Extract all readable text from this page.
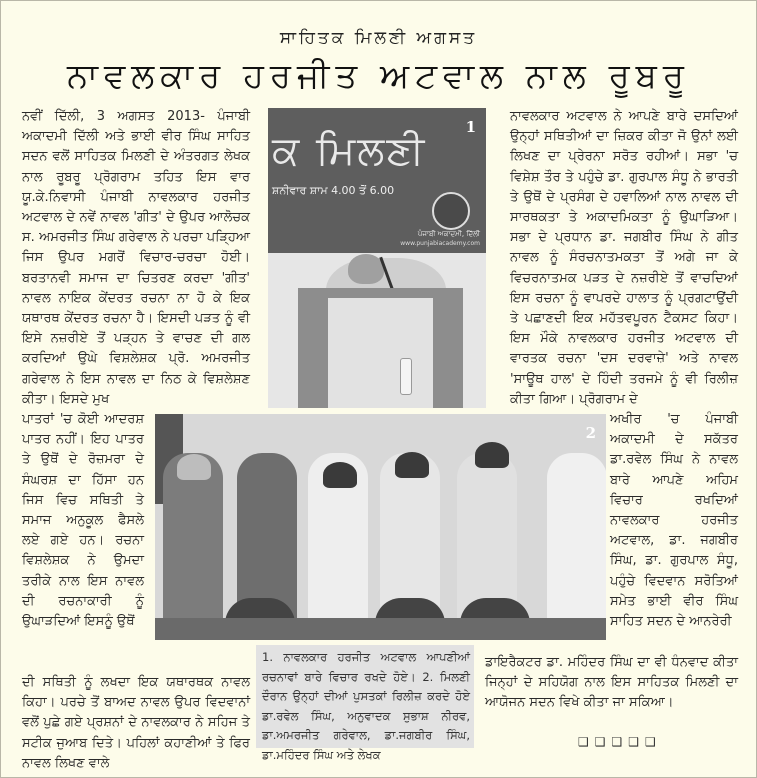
ਸਾਹਿਤਕ ਮਿਲਣੀ ਅਗਸਤ
ਨਾਵਲਕਾਰ ਹਰਜੀਤ ਅਟਵਾਲ ਨਾਲ ਰੂਬਰੂ

ਨਵੀਂ ਦਿੱਲੀ, 3 ਅਗਸਤ 2013- ਪੰਜਾਬੀ ਅਕਾਦਮੀ ਦਿੱਲੀ ਅਤੇ ਭਾਈ ਵੀਰ ਸਿੰਘ ਸਾਹਿਤ ਸਦਨ ਵਲੋਂ ਸਾਹਿਤਕ ਮਿਲਣੀ ਦੇ ਅੰਤਰਗਤ ਲੇਖਕ ਨਾਲ ਰੂਬਰੂ ਪ੍ਰੋਗਰਾਮ ਤਹਿਤ ਇਸ ਵਾਰ ਯੂ.ਕੇ.ਨਿਵਾਸੀ ਪੰਜਾਬੀ ਨਾਵਲਕਾਰ ਹਰਜੀਤ ਅਟਵਾਲ ਦੇ ਨਵੇਂ ਨਾਵਲ 'ਗੀਤ' ਦੇ ਉਪਰ ਆਲੋਚਕ ਸ. ਅਮਰਜੀਤ ਸਿੰਘ ਗਰੇਵਾਲ ਨੇ ਪਰਚਾ ਪੜ੍ਹਿਆ ਜਿਸ ਉਪਰ ਮਗਰੋਂ ਵਿਚਾਰ-ਚਰਚਾ ਹੋਈ। ਬਰਤਾਨਵੀ ਸਮਾਜ ਦਾ ਚਿਤਰਣ ਕਰਦਾ 'ਗੀਤ' ਨਾਵਲ ਨਾਇਕ ਕੇਂਦਰਤ ਰਚਨਾ ਨਾ ਹੋ ਕੇ ਇਕ ਯਥਾਰਥ ਕੇਂਦਰਤ ਰਚਨਾ ਹੈ। ਇਸਦੀ ਪੜਤ ਨੂੰ ਵੀ ਇਸੇ ਨਜ਼ਰੀਏ ਤੋਂ ਪੜ੍ਹਨ ਤੇ ਵਾਚਣ ਦੀ ਗਲ ਕਰਦਿਆਂ ਉਘੇ ਵਿਸ਼ਲੇਸ਼ਕ ਪ੍ਰੋ. ਅਮਰਜੀਤ ਗਰੇਵਾਲ ਨੇ ਇਸ ਨਾਵਲ ਦਾ ਨਿਠ ਕੇ ਵਿਸ਼ਲੇਸ਼ਣ ਕੀਤਾ। ਇਸਦੇ ਮੁਖ

ਪਾਤਰਾਂ 'ਚ ਕੋਈ ਆਦਰਸ਼ ਪਾਤਰ ਨਹੀਂ। ਇਹ ਪਾਤਰ ਤੇ ਉਥੋਂ ਦੇ ਰੋਜ਼ਮਰਾ ਦੇ ਸੰਘਰਸ਼ ਦਾ ਹਿੱਸਾ ਹਨ ਜਿਸ ਵਿਚ ਸਥਿਤੀ ਤੇ ਸਮਾਜ ਅਨੁਕੂਲ ਫੈਸਲੇ ਲਏ ਗਏ ਹਨ। ਰਚਨਾ ਵਿਸ਼ਲੇਸ਼ਕ ਨੇ ਉਮਦਾ ਤਰੀਕੇ ਨਾਲ ਇਸ ਨਾਵਲ ਦੀ ਰਚਨਾਕਾਰੀ ਨੂੰ ਉਘਾੜਦਿਆਂ ਇਸਨੂੰ ਉਥੋਂ

ਦੀ ਸਥਿਤੀ ਨੂੰ ਲਖਦਾ ਇਕ ਯਥਾਰਥਕ ਨਾਵਲ ਕਿਹਾ। ਪਰਚੇ ਤੋਂ ਬਾਅਦ ਨਾਵਲ ਉਪਰ ਵਿਦਵਾਨਾਂ ਵਲੋਂ ਪੁਛੇ ਗਏ ਪ੍ਰਸ਼ਨਾਂ ਦੇ ਨਾਵਲਕਾਰ ਨੇ ਸਹਿਜ ਤੇ ਸਟੀਕ ਜੁਆਬ ਦਿਤੇ। ਪਹਿਲਾਂ ਕਹਾਣੀਆਂ ਤੇ ਫਿਰ ਨਾਵਲ ਲਿਖਣ ਵਾਲੇ

ਨਾਵਲਕਾਰ ਅਟਵਾਲ ਨੇ ਆਪਣੇ ਬਾਰੇ ਦਸਦਿਆਂ ਉਨ੍ਹਾਂ ਸਥਿਤੀਆਂ ਦਾ ਜ਼ਿਕਰ ਕੀਤਾ ਜੋ ਉਨਾਂ ਲਈ ਲਿਖਣ ਦਾ ਪ੍ਰੇਰਨਾ ਸਰੋਤ ਰਹੀਆਂ। ਸਭਾ 'ਚ ਵਿਸ਼ੇਸ਼ ਤੌਰ ਤੇ ਪਹੁੰਚੇ ਡਾ. ਗੁਰਪਾਲ ਸੰਧੂ ਨੇ ਭਾਰਤੀ ਤੇ ਉਥੋਂ ਦੇ ਪ੍ਰਸੰਗ ਦੇ ਹਵਾਲਿਆਂ ਨਾਲ ਨਾਵਲ ਦੀ ਸਾਰਥਕਤਾ ਤੇ ਅਕਾਦਮਿਕਤਾ ਨੂੰ ਉਘਾੜਿਆ। ਸਭਾ ਦੇ ਪ੍ਰਧਾਨ ਡਾ. ਜਗਬੀਰ ਸਿੰਘ ਨੇ ਗੀਤ ਨਾਵਲ ਨੂੰ ਸੰਰਚਨਾਤਮਕਤਾ ਤੋਂ ਅਗੇ ਜਾ ਕੇ ਵਿਚਰਨਾਤਮਕ ਪੜਤ ਦੇ ਨਜ਼ਰੀਏ ਤੋਂ ਵਾਚਦਿਆਂ ਇਸ ਰਚਨਾ ਨੂੰ ਵਾਪਰਦੇ ਹਾਲਾਤ ਨੂੰ ਪ੍ਰਗਟਾਉਂਦੀ ਤੇ ਪਛਾਣਦੀ ਇਕ ਮਹੱਤਵਪੂਰਨ ਟੈਕਸਟ ਕਿਹਾ। ਇਸ ਮੌਕੇ ਨਾਵਲਕਾਰ ਹਰਜੀਤ ਅਟਵਾਲ ਦੀ ਵਾਰਤਕ ਰਚਨਾ 'ਦਸ ਦਰਵਾਜ਼ੇ' ਅਤੇ ਨਾਵਲ 'ਸਾਊਥ ਹਾਲ' ਦੇ ਹਿੰਦੀ ਤਰਜਮੇ ਨੂੰ ਵੀ ਰਿਲੀਜ਼ ਕੀਤਾ ਗਿਆ। ਪ੍ਰੋਗਰਾਮ ਦੇ

ਅਖੀਰ 'ਚ ਪੰਜਾਬੀ ਅਕਾਦਮੀ ਦੇ ਸਕੱਤਰ ਡਾ.ਰਵੇਲ ਸਿੰਘ ਨੇ ਨਾਵਲ ਬਾਰੇ ਆਪਣੇ ਅਹਿਮ ਵਿਚਾਰ ਰਖਦਿਆਂ ਨਾਵਲਕਾਰ ਹਰਜੀਤ ਅਟਵਾਲ, ਡਾ. ਜਗਬੀਰ ਸਿੰਘ, ਡਾ. ਗੁਰਪਾਲ ਸੰਧੂ, ਪਹੁੰਚੇ ਵਿਦਵਾਨ ਸਰੋਤਿਆਂ ਸਮੇਤ ਭਾਈ ਵੀਰ ਸਿੰਘ ਸਾਹਿਤ ਸਦਨ ਦੇ ਆਨਰੇਰੀ

ਡਾਇਰੈਕਟਰ ਡਾ. ਮਹਿੰਦਰ ਸਿੰਘ ਦਾ ਵੀ ਧੰਨਵਾਦ ਕੀਤਾ ਜਿਨ੍ਹਾਂ ਦੇ ਸਹਿਯੋਗ ਨਾਲ ਇਸ ਸਾਹਿਤਕ ਮਿਲਣੀ ਦਾ ਆਯੋਜਨ ਸਦਨ ਵਿਖੇ ਕੀਤਾ ਜਾ ਸਕਿਆ।

❑❑❑❑❑
ਕ ਮਿਲਣੀ
ਸ਼ਨੀਵਾਰ ਸ਼ਾਮ 4.00 ਤੋਂ 6.00
ਪੰਜਾਬੀ ਅਕਾਦਮੀ, ਦਿੱਲੀ
www.punjabiacademy.com
1
2
1. ਨਾਵਲਕਾਰ ਹਰਜੀਤ ਅਟਵਾਲ ਆਪਣੀਆਂ ਰਚਨਾਵਾਂ ਬਾਰੇ ਵਿਚਾਰ ਰਖਦੇ ਹੋਏ। 2. ਮਿਲਣੀ ਦੌਰਾਨ ਉਨ੍ਹਾਂ ਦੀਆਂ ਪੁਸਤਕਾਂ ਰਿਲੀਜ਼ ਕਰਦੇ ਹੋਏ ਡਾ.ਰਵੇਲ ਸਿੰਘ, ਅਨੁਵਾਦਕ ਸੁਭਾਸ਼ ਨੀਰਵ, ਡਾ.ਅਮਰਜੀਤ ਗਰੇਵਾਲ, ਡਾ.ਜਗਬੀਰ ਸਿੰਘ, ਡਾ.ਮਹਿੰਦਰ ਸਿੰਘ ਅਤੇ ਲੇਖਕ
